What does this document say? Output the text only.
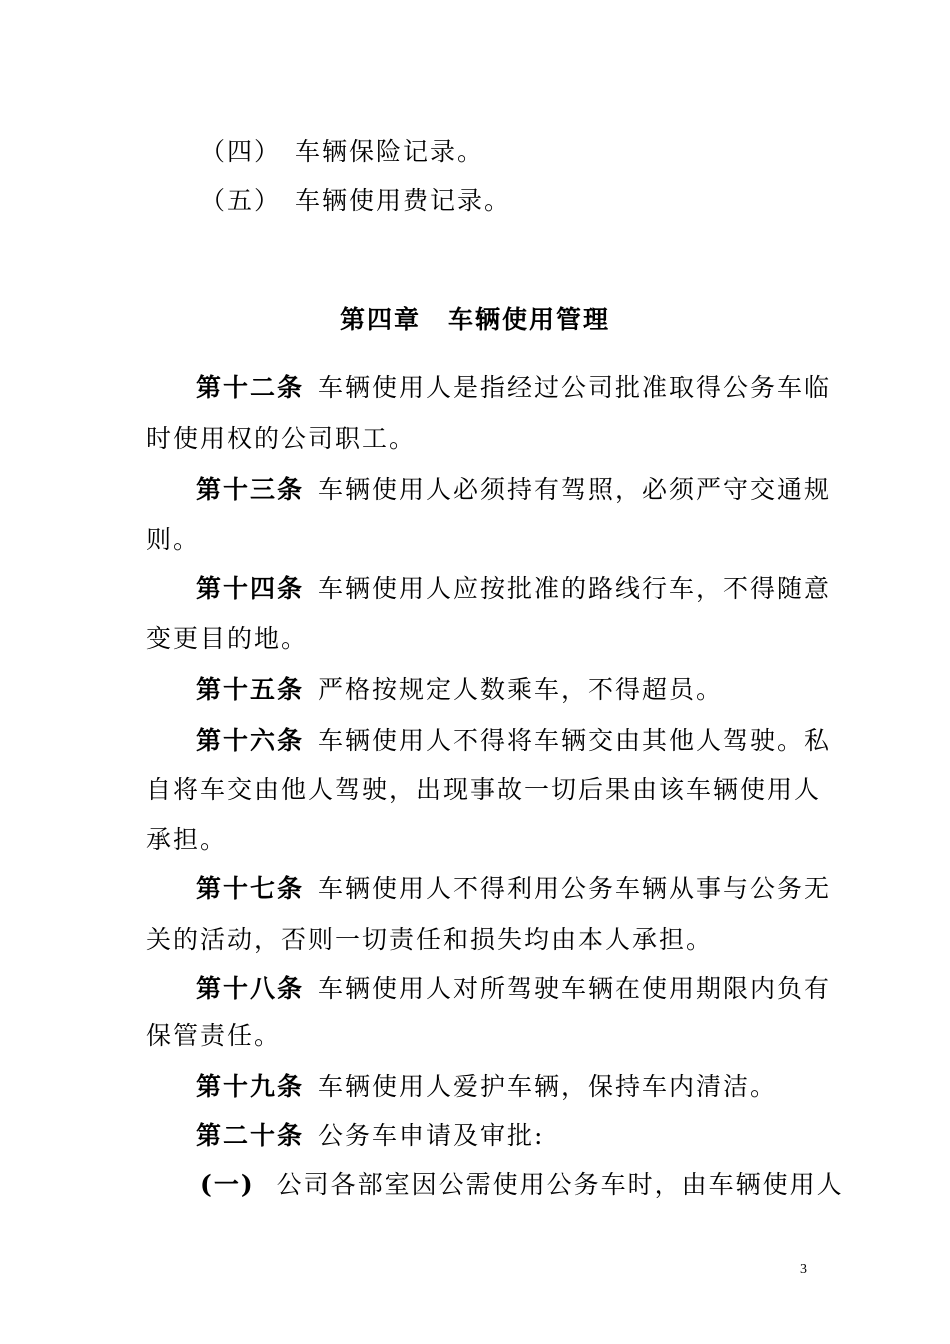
（四） 车辆保险记录。
（五） 车辆使用费记录。
第四章　车辆使用管理
第十二条 车辆使用人是指经过公司批准取得公务车临
时使用权的公司职工。
第十三条 车辆使用人必须持有驾照，必须严守交通规
则。
第十四条 车辆使用人应按批准的路线行车，不得随意
变更目的地。
第十五条 严格按规定人数乘车，不得超员。
第十六条 车辆使用人不得将车辆交由其他人驾驶。私
自将车交由他人驾驶，出现事故一切后果由该车辆使用人
承担。
第十七条 车辆使用人不得利用公务车辆从事与公务无
关的活动，否则一切责任和损失均由本人承担。
第十八条 车辆使用人对所驾驶车辆在使用期限内负有
保管责任。
第十九条 车辆使用人爱护车辆，保持车内清洁。
第二十条 公务车申请及审批:
(一) 公司各部室因公需使用公务车时，由车辆使用人
3
